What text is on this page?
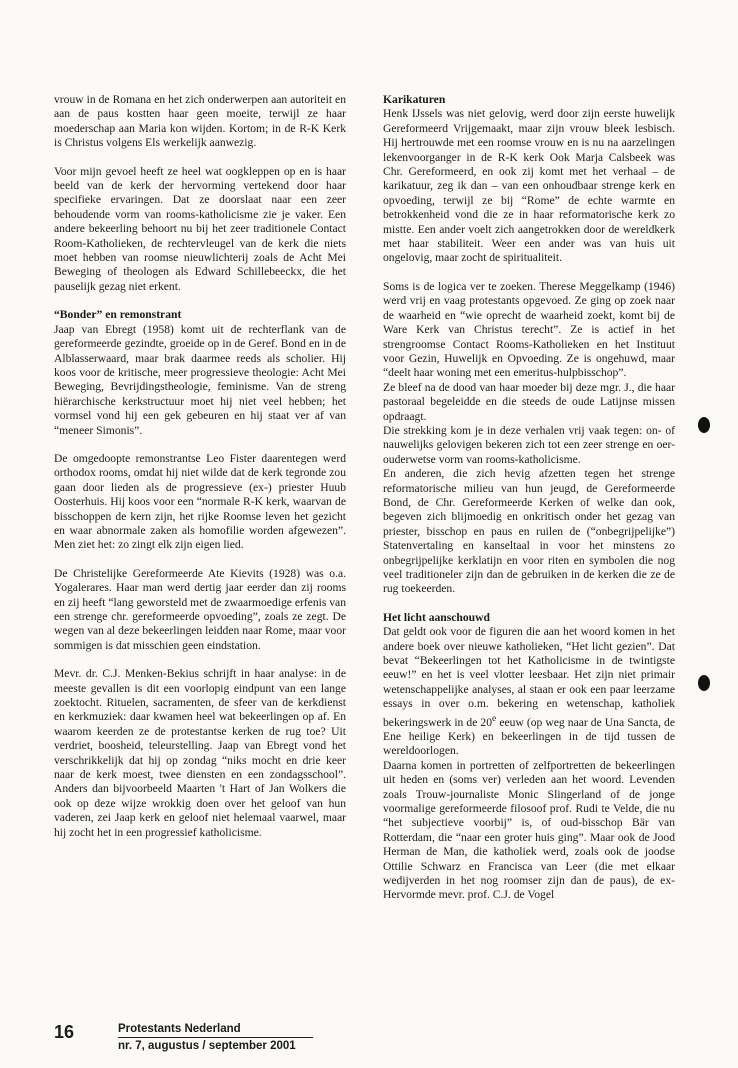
vrouw in de Romana en het zich onderwerpen aan autoriteit en aan de paus kostten haar geen moeite, terwijl ze haar moederschap aan Maria kon wijden. Kortom; in de R-K Kerk is Christus volgens Els werkelijk aanwezig.

Voor mijn gevoel heeft ze heel wat oogkleppen op en is haar beeld van de kerk der hervorming vertekend door haar specifieke ervaringen. Dat ze doorslaat naar een zeer behoudende vorm van rooms-katholicisme zie je vaker. Een andere bekeerling behoort nu bij het zeer traditionele Contact Room-Katholieken, de rechtervleugel van de kerk die niets moet hebben van roomse nieuwlichterij zoals de Acht Mei Beweging of theologen als Edward Schillebeeckx, die het pauselijk gezag niet erkent.

“Bonder” en remonstrant

Jaap van Ebregt (1958) komt uit de rechterflank van de gereformeerde gezindte, groeide op in de Geref. Bond en in de Alblasserwaard, maar brak daarmee reeds als scholier. Hij koos voor de kritische, meer progressieve theologie: Acht Mei Beweging, Bevrijdingstheologie, feminisme. Van de streng hiërarchische kerkstructuur moet hij niet veel hebben; het vormsel vond hij een gek gebeuren en hij staat ver af van “meneer Simonis”.

De omgedoopte remonstrantse Leo Fister daarentegen werd orthodox rooms, omdat hij niet wilde dat de kerk tegronde zou gaan door lieden als de progressieve (ex-) priester Huub Oosterhuis. Hij koos voor een “normale R-K kerk, waarvan de bisschoppen de kern zijn, het rijke Roomse leven het gezicht en waar abnormale zaken als homofilie worden afgewezen”. Men ziet het: zo zingt elk zijn eigen lied.

De Christelijke Gereformeerde Ate Kievits (1928) was o.a. Yogalerares. Haar man werd dertig jaar eerder dan zij rooms en zij heeft “lang geworsteld met de zwaarmoedige erfenis van een strenge chr. gereformeerde opvoeding”, zoals ze zegt. De wegen van al deze bekeerlingen leidden naar Rome, maar voor sommigen is dat misschien geen eindstation.

Mevr. dr. C.J. Menken-Bekius schrijft in haar analyse: in de meeste gevallen is dit een voorlopig eindpunt van een lange zoektocht. Rituelen, sacramenten, de sfeer van de kerkdienst en kerkmuziek: daar kwamen heel wat bekeerlingen op af. En waarom keerden ze de protestantse kerken de rug toe? Uit verdriet, boosheid, teleurstelling. Jaap van Ebregt vond het verschrikkelijk dat hij op zondag “niks mocht en drie keer naar de kerk moest, twee diensten en een zondagsschool”. Anders dan bijvoorbeeld Maarten 't Hart of Jan Wolkers die ook op deze wijze wrokkig doen over het geloof van hun vaderen, zei Jaap kerk en geloof niet helemaal vaarwel, maar hij zocht het in een progressief katholicisme.

Karikaturen

Henk IJssels was niet gelovig, werd door zijn eerste huwelijk Gereformeerd Vrijgemaakt, maar zijn vrouw bleek lesbisch. Hij hertrouwde met een roomse vrouw en is nu na aarzelingen lekenvoorganger in de R-K kerk Ook Marja Calsbeek was Chr. Gereformeerd, en ook zij komt met het verhaal – de karikatuur, zeg ik dan – van een onhoudbaar strenge kerk en opvoeding, terwijl ze bij “Rome” de echte warmte en betrokkenheid vond die ze in haar reformatorische kerk zo mistte. Een ander voelt zich aangetrokken door de wereldkerk met haar stabiliteit. Weer een ander was van huis uit ongelovig, maar zocht de spiritualiteit.

Soms is de logica ver te zoeken. Therese Meggelkamp (1946) werd vrij en vaag protestants opgevoed. Ze ging op zoek naar de waarheid en “wie oprecht de waarheid zoekt, komt bij de Ware Kerk van Christus terecht”. Ze is actief in het strengroomse Contact Rooms-Katholieken en het Instituut voor Gezin, Huwelijk en Opvoeding. Ze is ongehuwd, maar “deelt haar woning met een emeritus-hulpbisschop”.

Ze bleef na de dood van haar moeder bij deze mgr. J., die haar pastoraal begeleidde en die steeds de oude Latijnse missen opdraagt.

Die strekking kom je in deze verhalen vrij vaak tegen: on- of nauwelijks gelovigen bekeren zich tot een zeer strenge en oer-ouderwetse vorm van rooms-katholicisme.

En anderen, die zich hevig afzetten tegen het strenge reformatorische milieu van hun jeugd, de Gereformeerde Bond, de Chr. Gereformeerde Kerken of welke dan ook, begeven zich blijmoedig en onkritisch onder het gezag van priester, bisschop en paus en ruilen de (“onbegrijpelijke”) Statenvertaling en kanseltaal in voor het minstens zo onbegrijpelijke kerklatijn en voor riten en symbolen die nog veel traditioneler zijn dan de gebruiken in de kerken die ze de rug toekeerden.

Het licht aanschouwd

Dat geldt ook voor de figuren die aan het woord komen in het andere boek over nieuwe katholieken, “Het licht gezien”. Dat bevat “Bekeerlingen tot het Katholicisme in de twintigste eeuw!” en het is veel vlotter leesbaar. Het zijn niet primair wetenschappelijke analyses, al staan er ook een paar leerzame essays in over o.m. bekering en wetenschap, katholiek bekeringswerk in de 20e eeuw (op weg naar de Una Sancta, de Ene heilige Kerk) en bekeerlingen in de tijd tussen de wereldoorlogen.

Daarna komen in portretten of zelfportretten de bekeerlingen uit heden en (soms ver) verleden aan het woord. Levenden zoals Trouw-journaliste Monic Slingerland of de jonge voormalige gereformeerde filosoof prof. Rudi te Velde, die nu “het subjectieve voorbij” is, of oud-bisschop Bär van Rotterdam, die “naar een groter huis ging”. Maar ook de Jood Herman de Man, die katholiek werd, zoals ook de joodse Ottilie Schwarz en Francisca van Leer (die met elkaar wedijverden in het nog roomser zijn dan de paus), de ex-Hervormde mevr. prof. C.J. de Vogel

16	Protestants Nederland
nr. 7, augustus / september 2001
